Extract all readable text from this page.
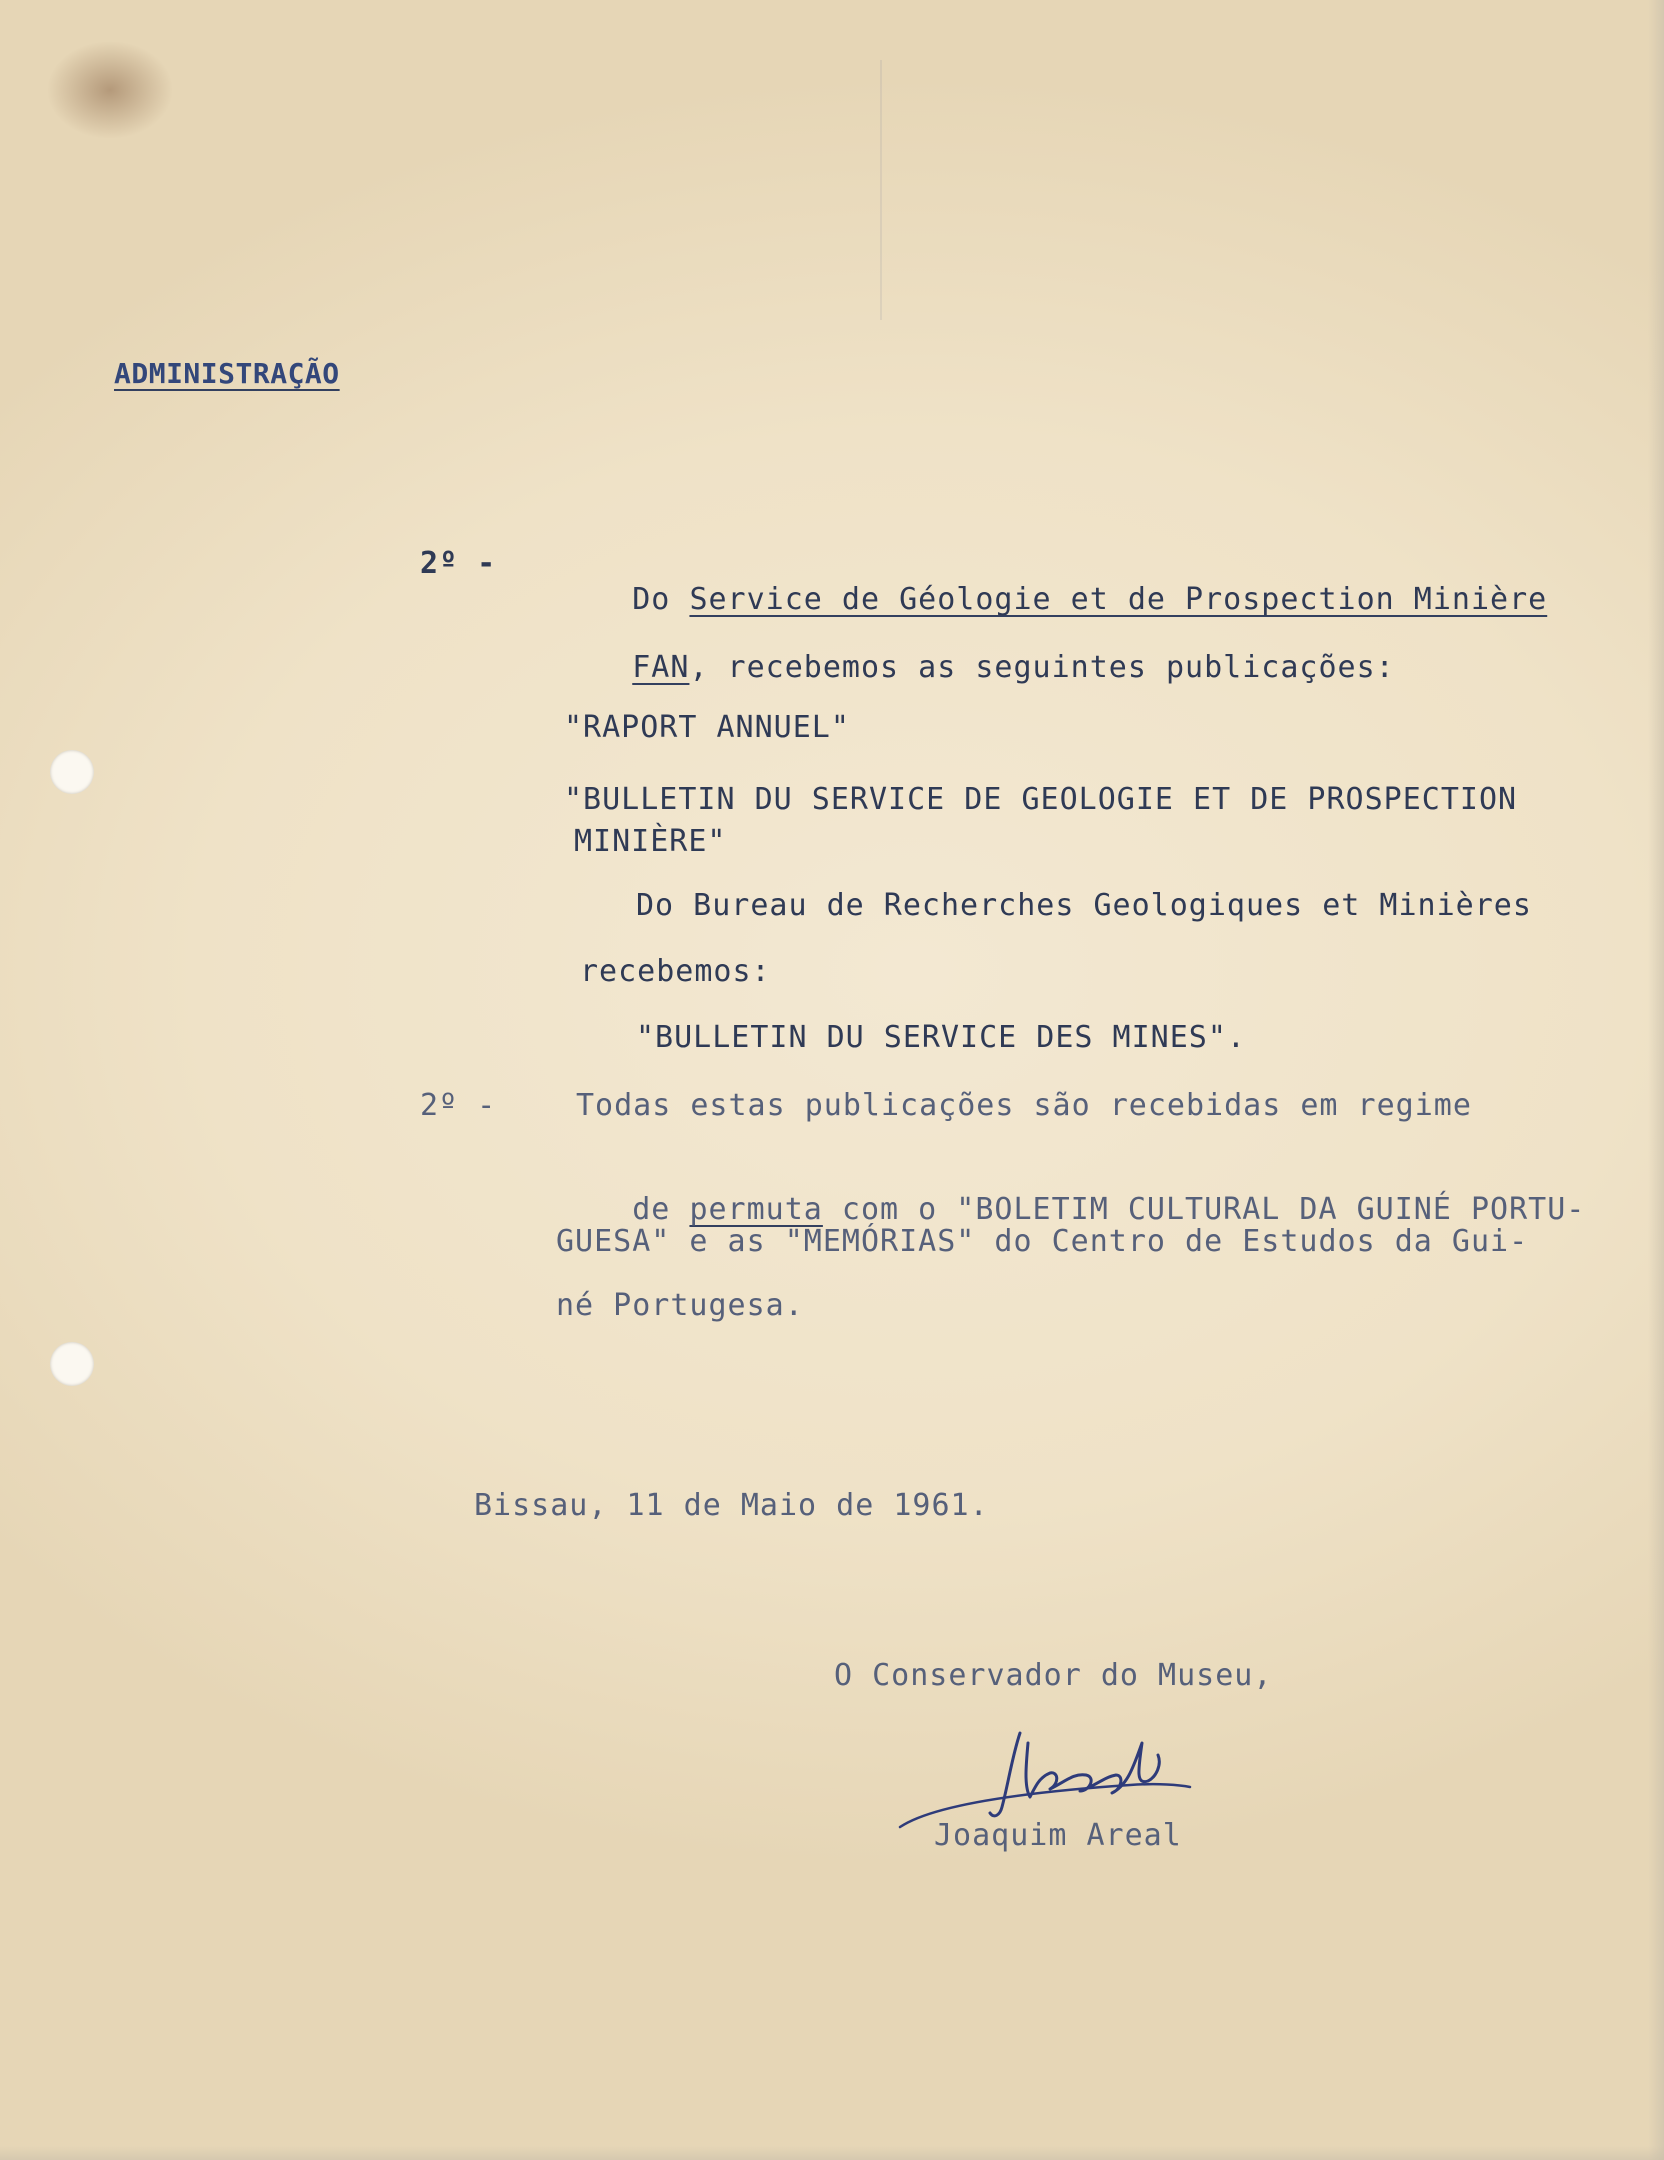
ADMINISTRAÇÃO
2º -

Do Service de Géologie et de Prospection Minière

FAN, recebemos as seguintes publicações:

"RAPORT ANNUEL"
"BULLETIN DU SERVICE DE GEOLOGIE ET DE PROSPECTION
MINIÈRE"
Do Bureau de Recherches Geologiques et Minières
recebemos:
"BULLETIN DU SERVICE DES MINES".
2º -	Todas estas publicações são recebidas em regime

de permuta com o "BOLETIM CULTURAL DA GUINÉ PORTU-

GUESA" e as "MEMÓRIAS" do Centro de Estudos da Gui-
né Portugesa.
Bissau, 11 de Maio de 1961.
O Conservador do Museu,
Joaquim Areal
